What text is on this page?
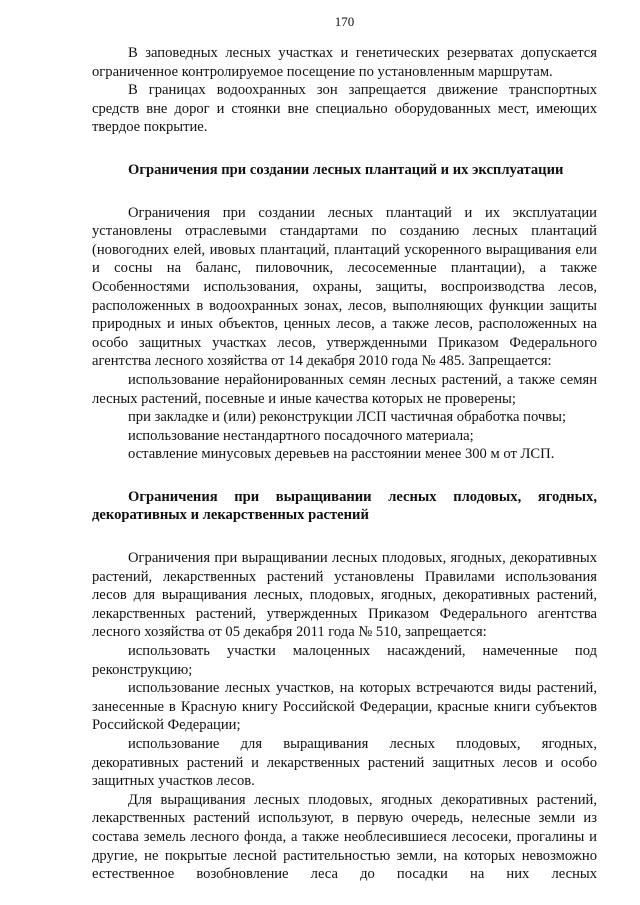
170

В заповедных лесных участках и генетических резерватах допускается ограниченное контролируемое посещение по установленным маршрутам.

В границах водоохранных зон запрещается движение транспортных средств вне дорог и стоянки вне специально оборудованных мест, имеющих твердое покрытие.

Ограничения при создании лесных плантаций и их эксплуатации

Ограничения при создании лесных плантаций и их эксплуатации установлены отраслевыми стандартами по созданию лесных плантаций (новогодних елей, ивовых плантаций, плантаций ускоренного выращивания ели и сосны на баланс, пиловочник, лесосеменные плантации), а также Особенностями использования, охраны, защиты, воспроизводства лесов, расположенных в водоохранных зонах, лесов, выполняющих функции защиты природных и иных объектов, ценных лесов, а также лесов, расположенных на особо защитных участках лесов, утвержденными Приказом Федерального агентства лесного хозяйства от 14 декабря 2010 года № 485. Запрещается:

использование нерайонированных семян лесных растений, а также семян лесных растений, посевные и иные качества которых не проверены;

при закладке и (или) реконструкции ЛСП частичная обработка почвы;

использование нестандартного посадочного материала;

оставление минусовых деревьев на расстоянии менее 300 м от ЛСП.

Ограничения при выращивании лесных плодовых, ягодных, декоративных и лекарственных растений

Ограничения при выращивании лесных плодовых, ягодных, декоративных растений, лекарственных растений установлены Правилами использования лесов для выращивания лесных, плодовых, ягодных, декоративных растений, лекарственных растений, утвержденных Приказом Федерального агентства лесного хозяйства от 05 декабря 2011 года № 510, запрещается:

использовать участки малоценных насаждений, намеченные под реконструкцию;

использование лесных участков, на которых встречаются виды растений, занесенные в Красную книгу Российской Федерации, красные книги субъектов Российской Федерации;

использование для выращивания лесных плодовых, ягодных, декоративных растений и лекарственных растений защитных лесов и особо защитных участков лесов.

Для выращивания лесных плодовых, ягодных декоративных растений, лекарственных растений используют, в первую очередь, нелесные земли из состава земель лесного фонда, а также необлесившиеся лесосеки, прогалины и другие, не покрытые лесной растительностью земли, на которых невозможно естественное возобновление леса до посадки на них лесных
